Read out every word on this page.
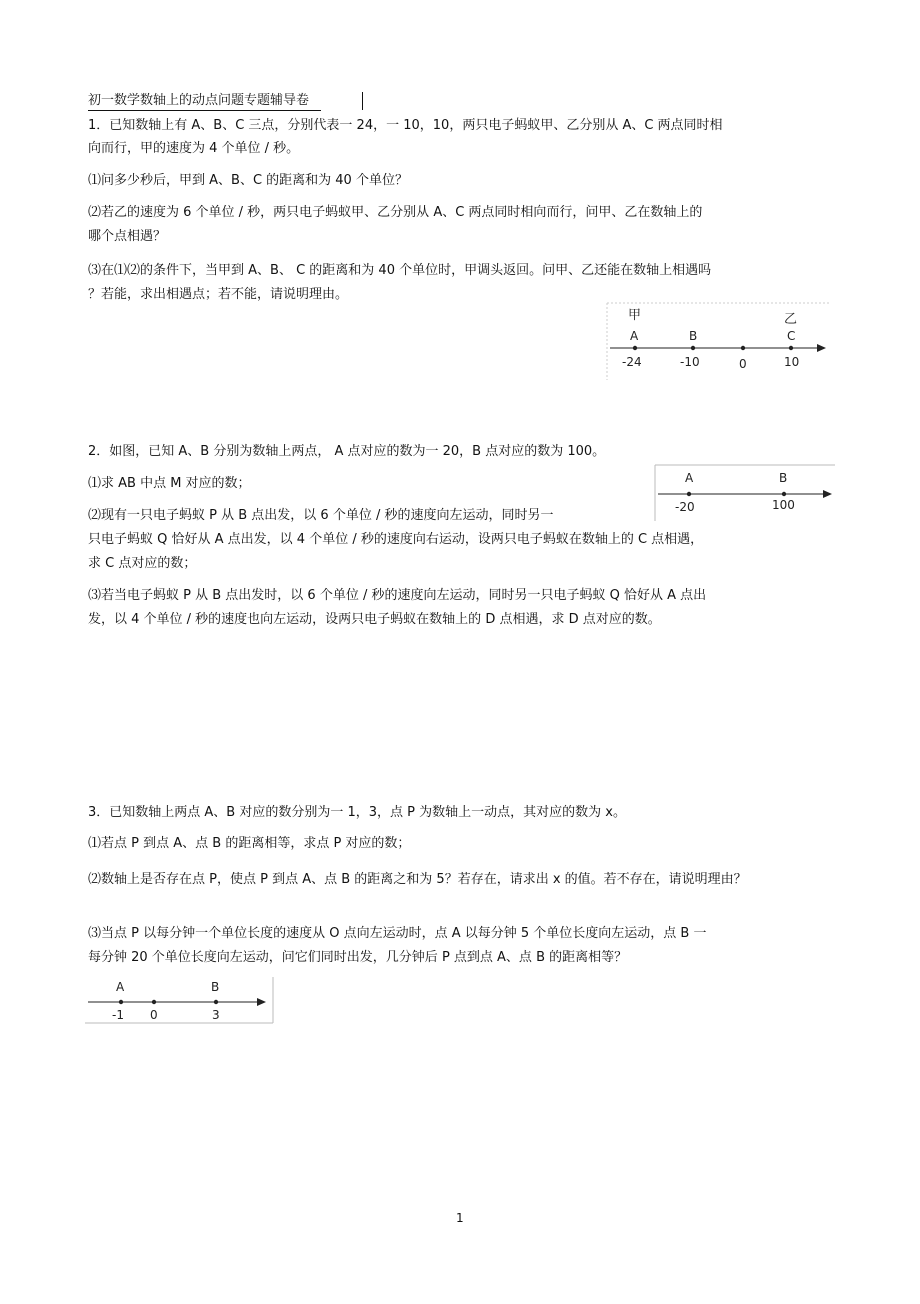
初一数学数轴上的动点问题专题辅导卷
1．已知数轴上有 A、B、C 三点，分别代表一 24，一 10，10，两只电子蚂蚁甲、乙分别从 A、C 两点同时相
向而行，甲的速度为 4 个单位 / 秒。
⑴问多少秒后，甲到 A、B、C 的距离和为 40 个单位？
⑵若乙的速度为 6 个单位 / 秒，两只电子蚂蚁甲、乙分别从 A、C 两点同时相向而行，问甲、乙在数轴上的
哪个点相遇？
⑶在⑴⑵的条件下，当甲到 A、B、 C 的距离和为 40 个单位时，甲调头返回。问甲、乙还能在数轴上相遇吗
？若能，求出相遇点；若不能，请说明理由。
甲	乙
A	B	C
-24	-10	0	10
2．如图，已知 A、B 分别为数轴上两点， A 点对应的数为一 20，B 点对应的数为 100。
⑴求 AB 中点 M 对应的数；
⑵现有一只电子蚂蚁 P 从 B 点出发，以 6 个单位 / 秒的速度向左运动，同时另一
只电子蚂蚁 Q 恰好从 A 点出发，以 4 个单位 / 秒的速度向右运动，设两只电子蚂蚁在数轴上的 C 点相遇，
求 C 点对应的数；
⑶若当电子蚂蚁 P 从 B 点出发时，以 6 个单位 / 秒的速度向左运动，同时另一只电子蚂蚁 Q 恰好从 A 点出
发，以 4 个单位 / 秒的速度也向左运动，设两只电子蚂蚁在数轴上的 D 点相遇，求 D 点对应的数。
A	B
-20	100
3．已知数轴上两点 A、B 对应的数分别为一 1，3，点 P 为数轴上一动点，其对应的数为 x。
⑴若点 P 到点 A、点 B 的距离相等，求点 P 对应的数；
⑵数轴上是否存在点 P，使点 P 到点 A、点 B 的距离之和为 5？若存在，请求出 x 的值。若不存在，请说明理由？
⑶当点 P 以每分钟一个单位长度的速度从 O 点向左运动时，点 A 以每分钟 5 个单位长度向左运动，点 B 一
每分钟 20 个单位长度向左运动，问它们同时出发，几分钟后 P 点到点 A、点 B 的距离相等？
A	B
-1 0	3
1
